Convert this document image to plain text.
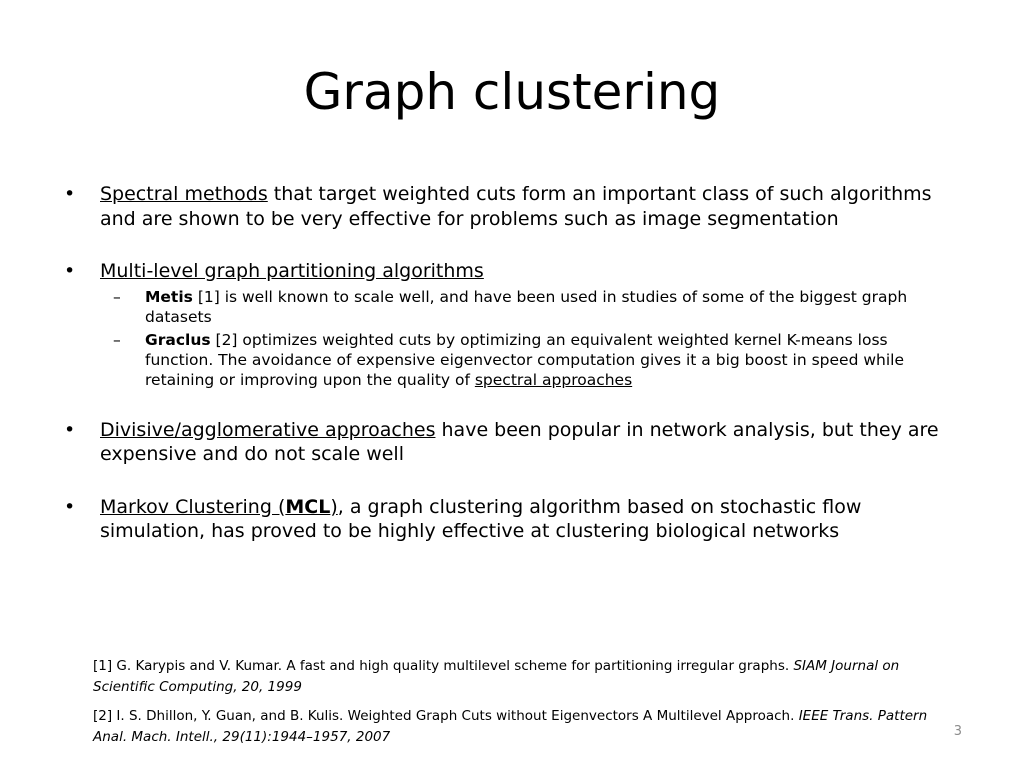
Graph clustering
• Spectral methods that target weighted cuts form an important class of such algorithms and are shown to be very effective for problems such as image segmentation
• Multi-level graph partitioning algorithms
– Metis [1] is well known to scale well, and have been used in studies of some of the biggest graph datasets
– Graclus [2] optimizes weighted cuts by optimizing an equivalent weighted kernel K-means loss function. The avoidance of expensive eigenvector computation gives it a big boost in speed while retaining or improving upon the quality of spectral approaches
• Divisive/agglomerative approaches have been popular in network analysis, but they are expensive and do not scale well
• Markov Clustering (MCL), a graph clustering algorithm based on stochastic flow simulation, has proved to be highly effective at clustering biological networks
[1] G. Karypis and V. Kumar. A fast and high quality multilevel scheme for partitioning irregular graphs. SIAM Journal on Scientific Computing, 20, 1999
[2] I. S. Dhillon, Y. Guan, and B. Kulis. Weighted Graph Cuts without Eigenvectors A Multilevel Approach. IEEE Trans. Pattern Anal. Mach. Intell., 29(11):1944–1957, 2007	3
